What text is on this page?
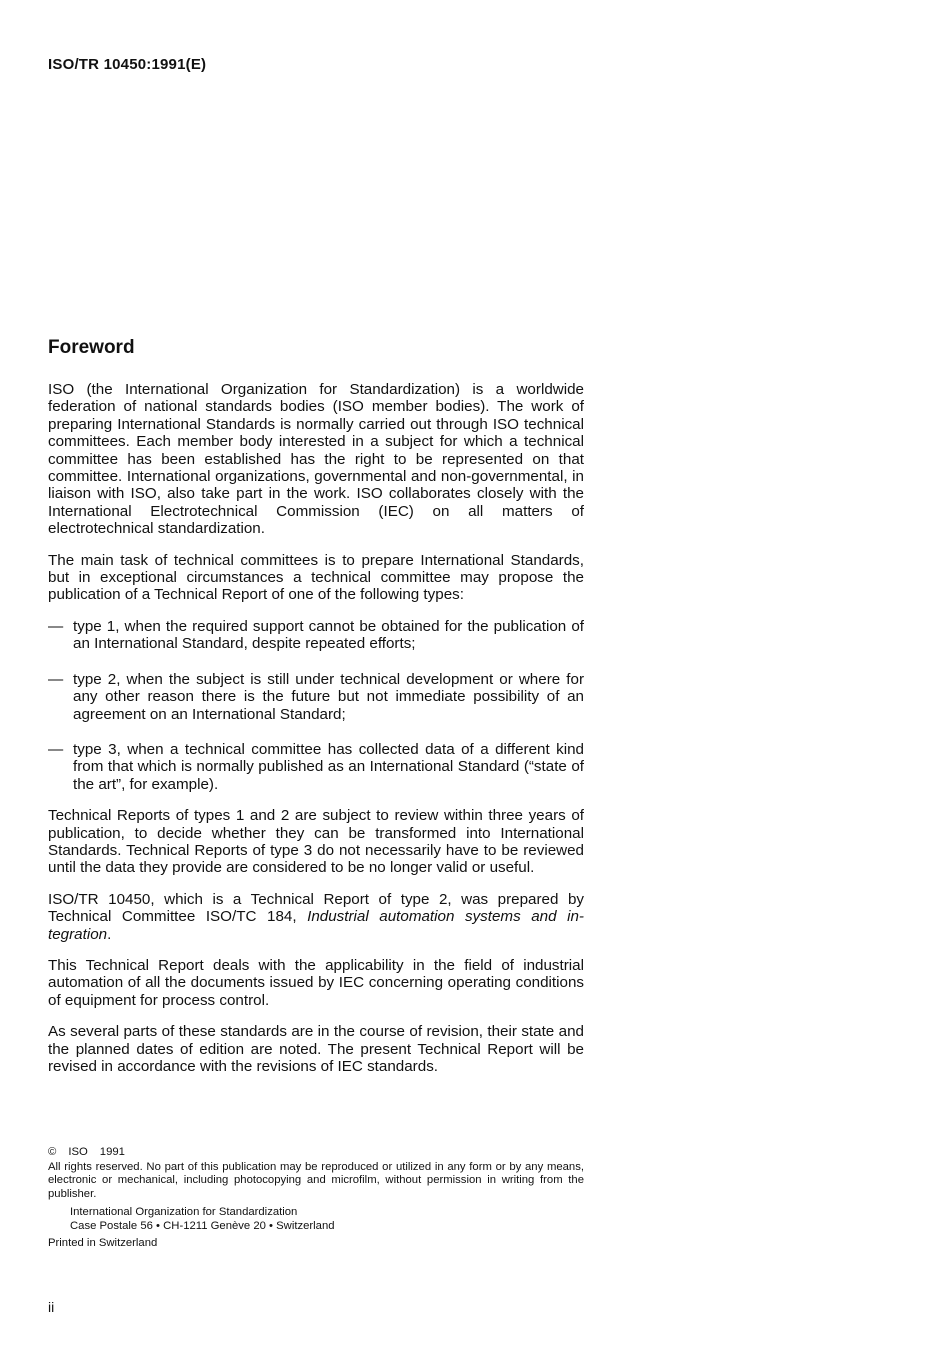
ISO/TR 10450:1991(E)
Foreword

ISO (the International Organization for Standardization) is a worldwide federation of national standards bodies (ISO member bodies). The work of preparing International Standards is normally carried out through ISO technical committees. Each member body interested in a subject for which a technical committee has been established has the right to be represented on that committee. International organizations, governmental and non-governmental, in liaison with ISO, also take part in the work. ISO collaborates closely with the International Electrotechnical Commission (IEC) on all matters of electrotechnical standardization.

The main task of technical committees is to prepare International Standards, but in exceptional circumstances a technical committee may propose the publication of a Technical Report of one of the following types:

— type 1, when the required support cannot be obtained for the publication of an International Standard, despite repeated efforts;
— type 2, when the subject is still under technical development or where for any other reason there is the future but not immediate possibility of an agreement on an International Standard;
— type 3, when a technical committee has collected data of a different kind from that which is normally published as an International Standard (“state of the art”, for example).

Technical Reports of types 1 and 2 are subject to review within three years of publication, to decide whether they can be transformed into International Standards. Technical Reports of type 3 do not necessarily have to be reviewed until the data they provide are considered to be no longer valid or useful.

ISO/TR 10450, which is a Technical Report of type 2, was prepared by Technical Committee ISO/TC 184, Industrial automation systems and integration.

This Technical Report deals with the applicability in the field of industrial automation of all the documents issued by IEC concerning operating conditions of equipment for process control.

As several parts of these standards are in the course of revision, their state and the planned dates of edition are noted. The present Technical Report will be revised in accordance with the revisions of IEC standards.

© ISO 1991
All rights reserved. No part of this publication may be reproduced or utilized in any form or by any means, electronic or mechanical, including photocopying and microfilm, without permission in writing from the publisher.
International Organization for Standardization
Case Postale 56 • CH-1211 Genève 20 • Switzerland
Printed in Switzerland
ii
